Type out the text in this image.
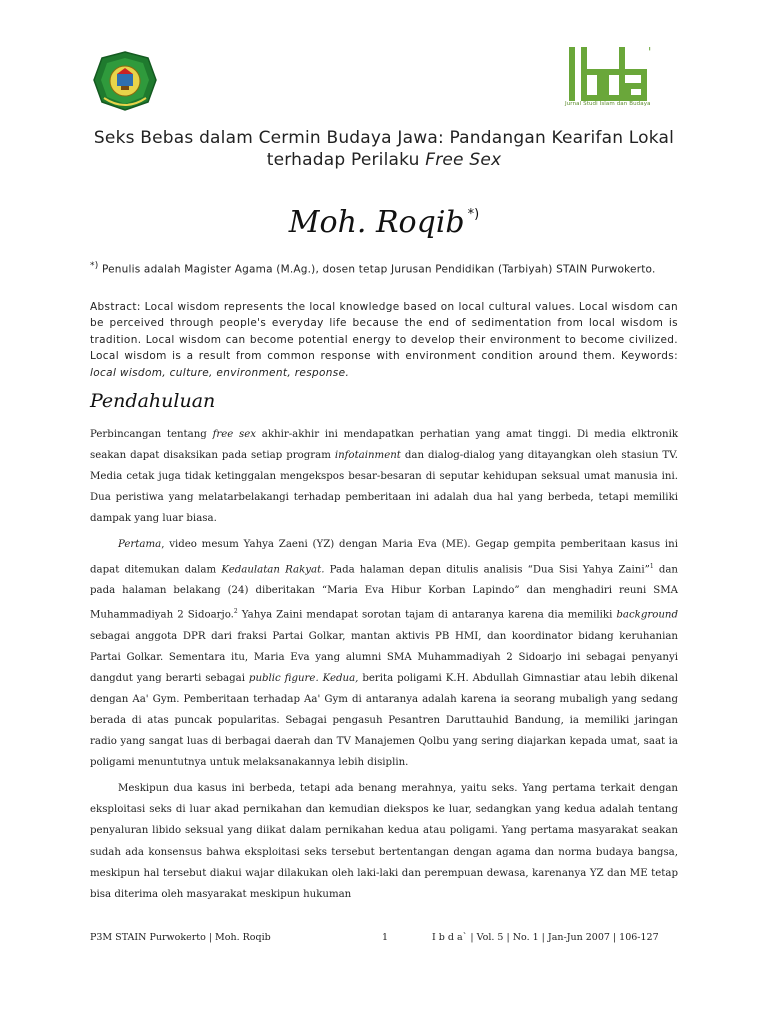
'
Jurnal Studi Islam dan Budaya
Seks Bebas dalam Cermin Budaya Jawa: Pandangan Kearifan Lokal
terhadap Perilaku Free Sex
Moh. Roqib *)
*) Penulis adalah Magister Agama (M.Ag.), dosen tetap Jurusan Pendidikan (Tarbiyah) STAIN Purwokerto.
Abstract: Local wisdom represents the local knowledge based on local cultural values. Local wisdom can be perceived through people's everyday life because the end of sedimentation from local wisdom is tradition. Local wisdom can become potential energy to develop their environment to become civilized. Local wisdom is a result from common response with environment condition around them. Keywords: local wisdom, culture, environment, response.
Pendahuluan

Perbincangan tentang free sex akhir-akhir ini mendapatkan perhatian yang amat tinggi. Di media elktronik seakan dapat disaksikan pada setiap program infotainment dan dialog-dialog yang ditayangkan oleh stasiun TV. Media cetak juga tidak ketinggalan mengekspos besar-besaran di seputar kehidupan seksual umat manusia ini. Dua peristiwa yang melatarbelakangi terhadap pemberitaan ini adalah dua hal yang berbeda, tetapi memiliki dampak yang luar biasa.

Pertama, video mesum Yahya Zaeni (YZ) dengan Maria Eva (ME). Gegap gempita pemberitaan kasus ini dapat ditemukan dalam Kedaulatan Rakyat. Pada halaman depan ditulis analisis “Dua Sisi Yahya Zaini”$^1$ dan pada halaman belakang (24) diberitakan “Maria Eva Hibur Korban Lapindo” dan menghadiri reuni SMA Muhammadiyah 2 Sidoarjo.$^2$ Yahya Zaini mendapat sorotan tajam di antaranya karena dia memiliki background sebagai anggota DPR dari fraksi Partai Golkar, mantan aktivis PB HMI, dan koordinator bidang keruhanian Partai Golkar. Sementara itu, Maria Eva yang alumni SMA Muhammadiyah 2 Sidoarjo ini sebagai penyanyi dangdut yang berarti sebagai public figure. Kedua, berita poligami K.H. Abdullah Gimnastiar atau lebih dikenal dengan Aa' Gym. Pemberitaan terhadap Aa' Gym di antaranya adalah karena ia seorang mubaligh yang sedang berada di atas puncak popularitas. Sebagai pengasuh Pesantren Daruttauhid Bandung, ia memiliki jaringan radio yang sangat luas di berbagai daerah dan TV Manajemen Qolbu yang sering diajarkan kepada umat, saat ia poligami menuntutnya untuk melaksanakannya lebih disiplin.

Meskipun dua kasus ini berbeda, tetapi ada benang merahnya, yaitu seks. Yang pertama terkait dengan eksploitasi seks di luar akad pernikahan dan kemudian diekspos ke luar, sedangkan yang kedua adalah tentang penyaluran libido seksual yang diikat dalam pernikahan kedua atau poligami. Yang pertama masyarakat seakan sudah ada konsensus bahwa eksploitasi seks tersebut bertentangan dengan agama dan norma budaya bangsa, meskipun hal tersebut diakui wajar dilakukan oleh laki-laki dan perempuan dewasa, karenanya YZ dan ME tetap bisa diterima oleh masyarakat meskipun hukuman

P3M STAIN Purwokerto | Moh. Roqib	1	I b d a` | Vol. 5 | No. 1 | Jan-Jun 2007 | 106-127
